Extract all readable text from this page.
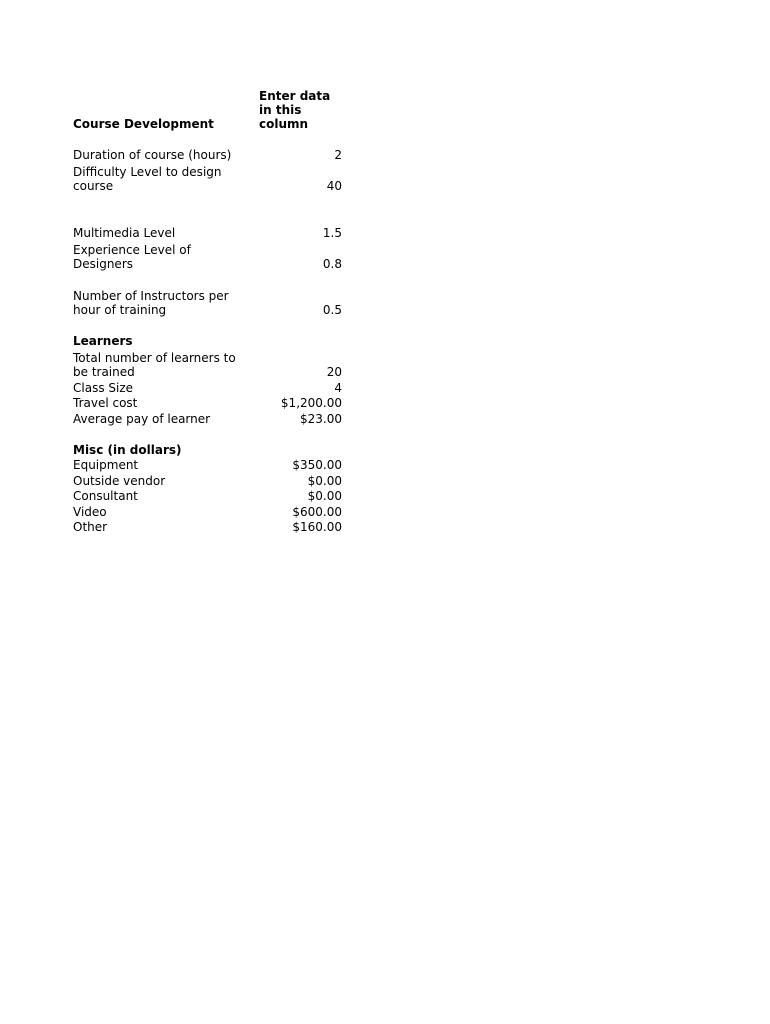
Enter data
in this
column
Course Development
Duration of course (hours)	2
Difficulty Level to design
course	40
Multimedia Level	1.5
Experience Level of
Designers	0.8
Number of Instructors per
hour of training	0.5
Learners
Total number of learners to
be trained	20
Class Size	4
Travel cost	$1,200.00
Average pay of learner	$23.00
Misc (in dollars)
Equipment	$350.00
Outside vendor	$0.00
Consultant	$0.00
Video	$600.00
Other	$160.00
